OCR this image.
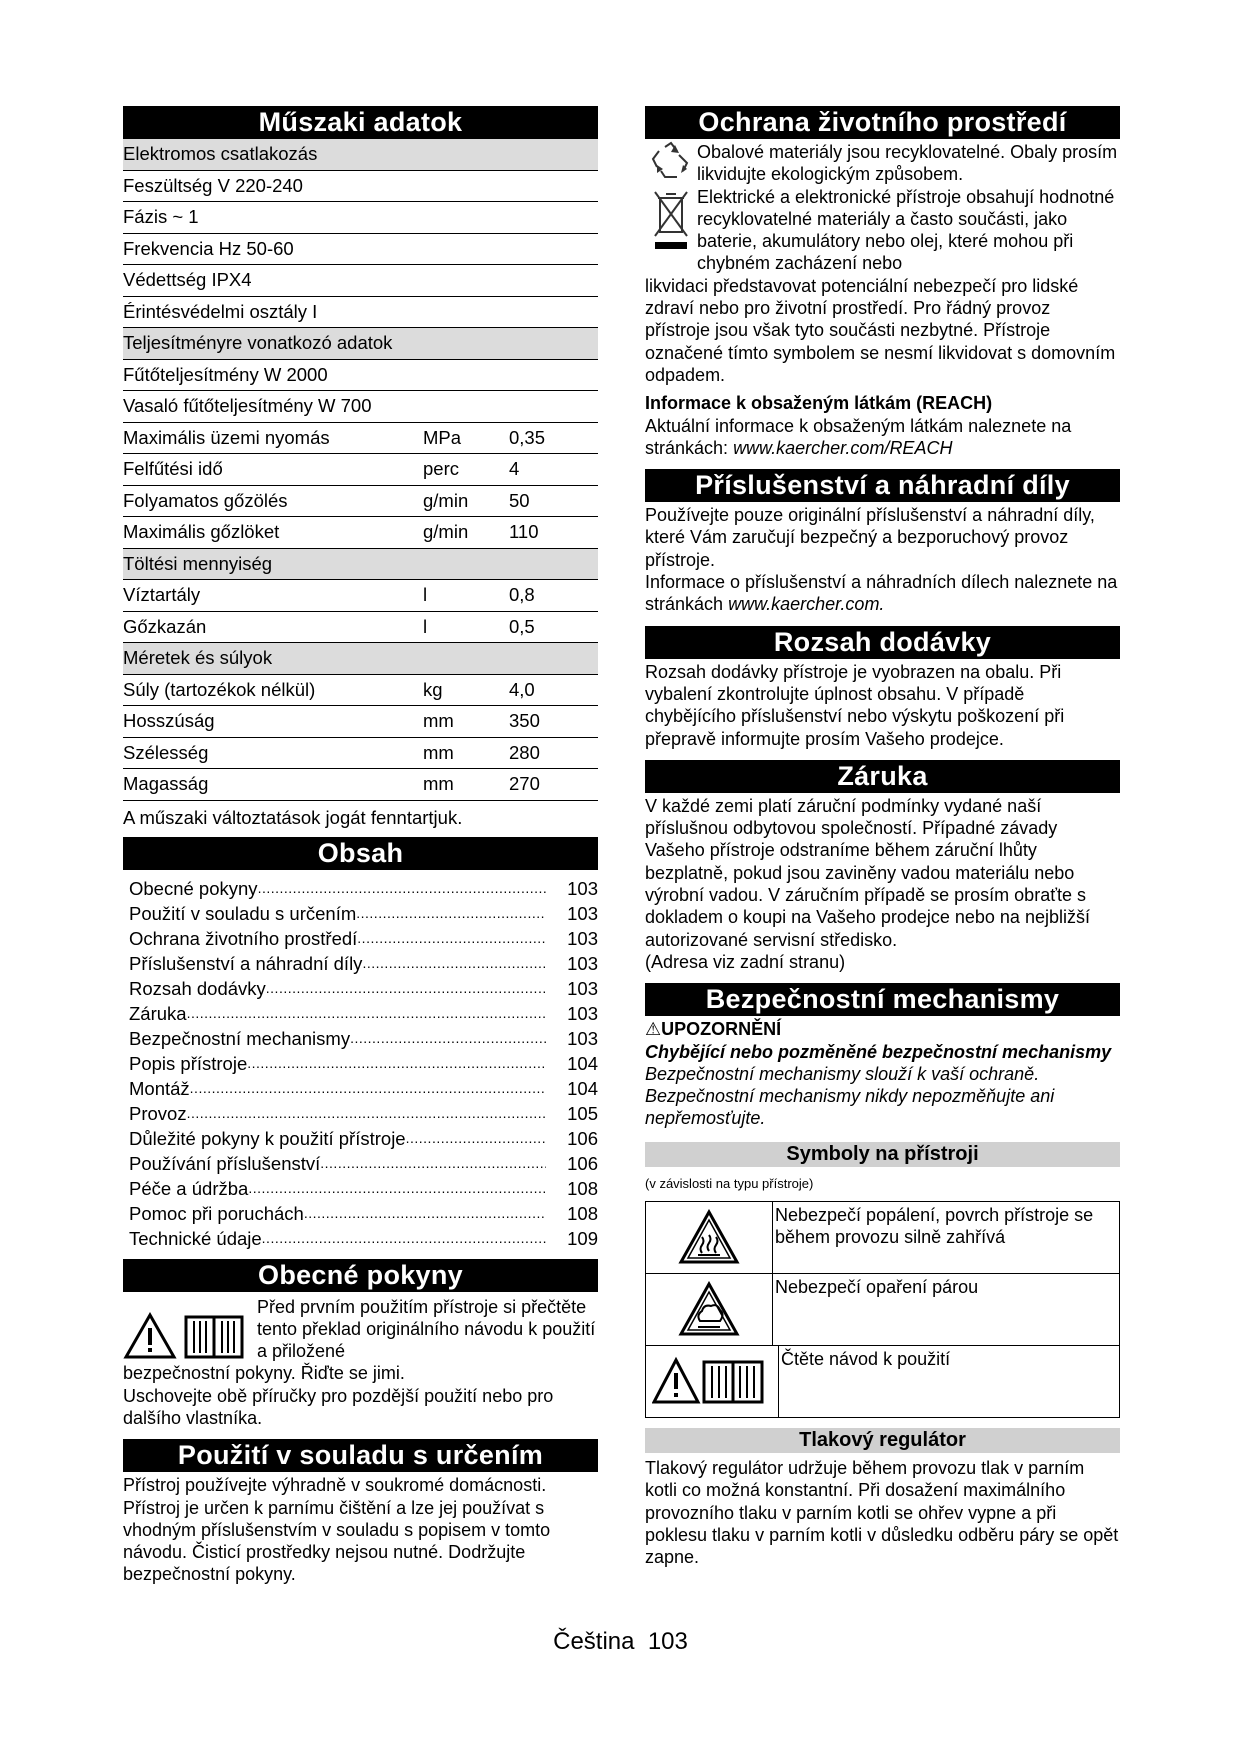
Műszaki adatok
Elektromos csatlakozás
Feszültség V 220-240
Fázis ~ 1
Frekvencia Hz 50-60
Védettség IPX4
Érintésvédelmi osztály I
Teljesítményre vonatkozó adatok
Fűtőteljesítmény W 2000
Vasaló fűtőteljesítmény W 700
Maximális üzemi nyomás	MPa	0,35
Felfűtési idő	perc	4
Folyamatos gőzölés	g/min 50
Maximális gőzlöket	g/min 110
Töltési mennyiség
Víztartály	l	0,8
Gőzkazán	l	0,5
Méretek és súlyok
Súly (tartozékok nélkül)	kg	4,0
Hosszúság	mm	350
Szélesség	mm	280
Magasság	mm	270
A műszaki változtatások jogát fenntartjuk.
Obsah
Obecné pokyny .....	103
Použití v souladu s určením .....	103
Ochrana životního prostředí .....	103
Příslušenství a náhradní díly .....	103
Rozsah dodávky .....	103
Záruka .....	103
Bezpečnostní mechanismy .....	103
Popis přístroje .....	104
Montáž .....	104
Provoz .....	105
Důležité pokyny k použití přístroje .....	106
Používání příslušenství .....	106
Péče a údržba .....	108
Pomoc při poruchách .....	108
Technické údaje .....	109
Obecné pokyny

Před prvním použitím přístroje si přečtěte tento překlad originálního návodu k použití a přiložené

bezpečnostní pokyny. Řiďte se jimi.

Uschovejte obě příručky pro pozdější použití nebo pro dalšího vlastníka.

Použití v souladu s určením

Přístroj používejte výhradně v soukromé domácnosti. Přístroj je určen k parnímu čištění a lze jej používat s vhodným příslušenstvím v souladu s popisem v tomto návodu. Čisticí prostředky nejsou nutné. Dodržujte bezpečnostní pokyny.

Ochrana životního prostředí

Obalové materiály jsou recyklovatelné. Obaly prosím likvidujte ekologickým způsobem.

Elektrické a elektronické přístroje obsahují hodnotné recyklovatelné materiály a často součásti, jako baterie, akumulátory nebo olej, které mohou při chybném zacházení nebo

likvidaci představovat potenciální nebezpečí pro lidské zdraví nebo pro životní prostředí. Pro řádný provoz přístroje jsou však tyto součásti nezbytné. Přístroje označené tímto symbolem se nesmí likvidovat s domovním odpadem.

Informace k obsaženým látkám (REACH)

Aktuální informace k obsaženým látkám naleznete na stránkách: www.kaercher.com/REACH

Příslušenství a náhradní díly

Používejte pouze originální příslušenství a náhradní díly, které Vám zaručují bezpečný a bezporuchový provoz přístroje.

Informace o příslušenství a náhradních dílech naleznete na stránkách www.kaercher.com.

Rozsah dodávky

Rozsah dodávky přístroje je vyobrazen na obalu. Při vybalení zkontrolujte úplnost obsahu. V případě chybějícího příslušenství nebo výskytu poškození při přepravě informujte prosím Vašeho prodejce.

Záruka

V každé zemi platí záruční podmínky vydané naší příslušnou odbytovou společností. Případné závady Vašeho přístroje odstraníme během záruční lhůty bezplatně, pokud jsou zaviněny vadou materiálu nebo výrobní vadou. V záručním případě se prosím obraťte s dokladem o koupi na Vašeho prodejce nebo na nejbližší autorizované servisní středisko.

(Adresa viz zadní stranu)

Bezpečnostní mechanismy

⚠UPOZORNĚNÍ

Chybějící nebo pozměněné bezpečnostní mechanismy

Bezpečnostní mechanismy slouží k vaší ochraně. Bezpečnostní mechanismy nikdy nepozměňujte ani nepřemosťujte.

Symboly na přístroji

(v závislosti na typu přístroje)

Nebezpečí popálení, povrch přístroje se během provozu silně zahřívá
Nebezpečí opaření párou
Čtěte návod k použití
Tlakový regulátor

Tlakový regulátor udržuje během provozu tlak v parním kotli co možná konstantní. Při dosažení maximálního provozního tlaku v parním kotli se ohřev vypne a při poklesu tlaku v parním kotli v důsledku odběru páry se opět zapne.

Čeština 103
